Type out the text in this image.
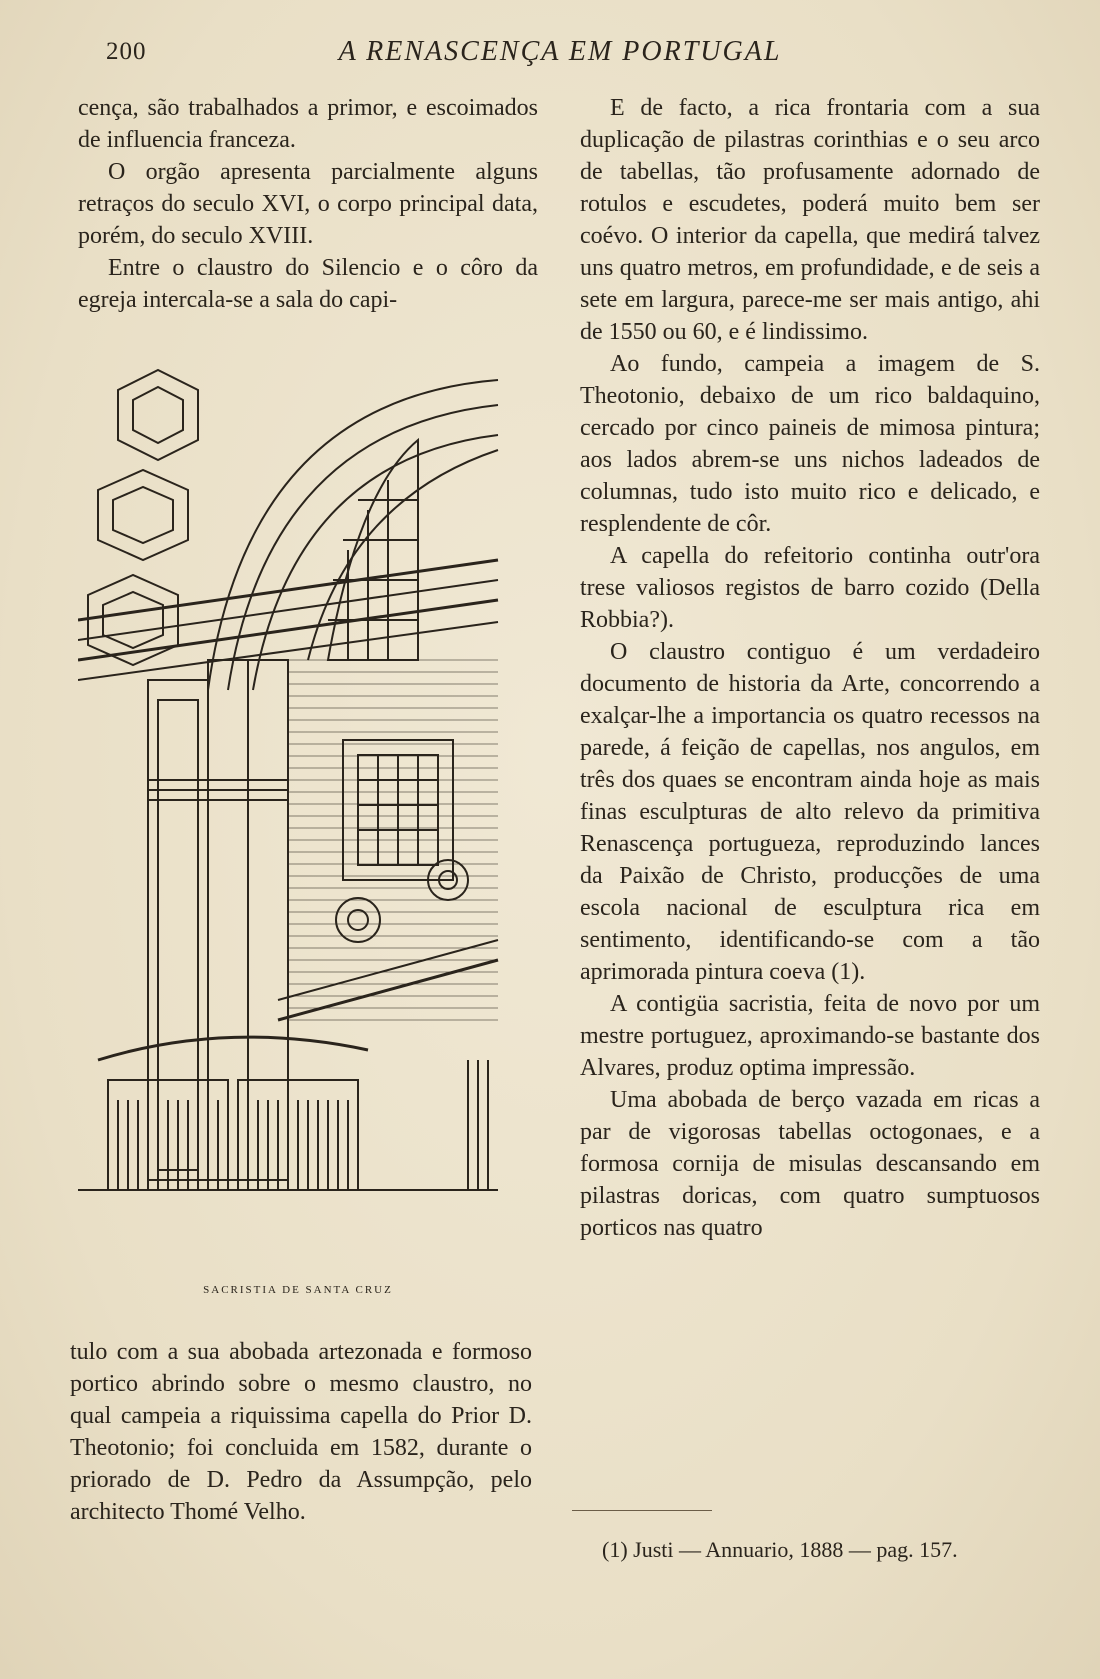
200	A RENASCENÇA EM PORTUGAL

cença, são trabalhados a primor, e escoimados de influencia franceza.

O orgão apresenta parcialmente alguns retraços do seculo XVI, o corpo principal data, porém, do seculo XVIII.

Entre o claustro do Silencio e o côro da egreja intercala-se a sala do capi-

SACRISTIA DE SANTA CRUZ

tulo com a sua abobada artezonada e formoso portico abrindo sobre o mesmo claustro, no qual campeia a riquissima capella do Prior D. Theotonio; foi concluida em 1582, durante o priorado de D. Pedro da Assumpção, pelo architecto Thomé Velho.

E de facto, a rica frontaria com a sua duplicação de pilastras corinthias e o seu arco de tabellas, tão profusamente adornado de rotulos e escudetes, poderá muito bem ser coévo. O interior da capella, que medirá talvez uns quatro metros, em profundidade, e de seis a sete em largura, parece-me ser mais antigo, ahi de 1550 ou 60, e é lindissimo.

Ao fundo, campeia a imagem de S. Theotonio, debaixo de um rico baldaquino, cercado por cinco paineis de mimosa pintura; aos lados abrem-se uns nichos ladeados de columnas, tudo isto muito rico e delicado, e resplendente de côr.

A capella do refeitorio continha outr'ora trese valiosos registos de barro cozido (Della Robbia?).

O claustro contiguo é um verdadeiro documento de historia da Arte, concorrendo a exalçar-lhe a importancia os quatro recessos na parede, á feição de capellas, nos angulos, em três dos quaes se encontram ainda hoje as mais finas esculpturas de alto relevo da primitiva Renascença portugueza, reproduzindo lances da Paixão de Christo, producções de uma escola nacional de esculptura rica em sentimento, identificando-se com a tão aprimorada pintura coeva (1).

A contigüa sacristia, feita de novo por um mestre portuguez, aproximando-se bastante dos Alvares, produz optima impressão.

Uma abobada de berço vazada em ricas a par de vigorosas tabellas octogonaes, e a formosa cornija de misulas descansando em pilastras doricas, com quatro sumptuosos porticos nas quatro

(1) Justi — Annuario, 1888 — pag. 157.
